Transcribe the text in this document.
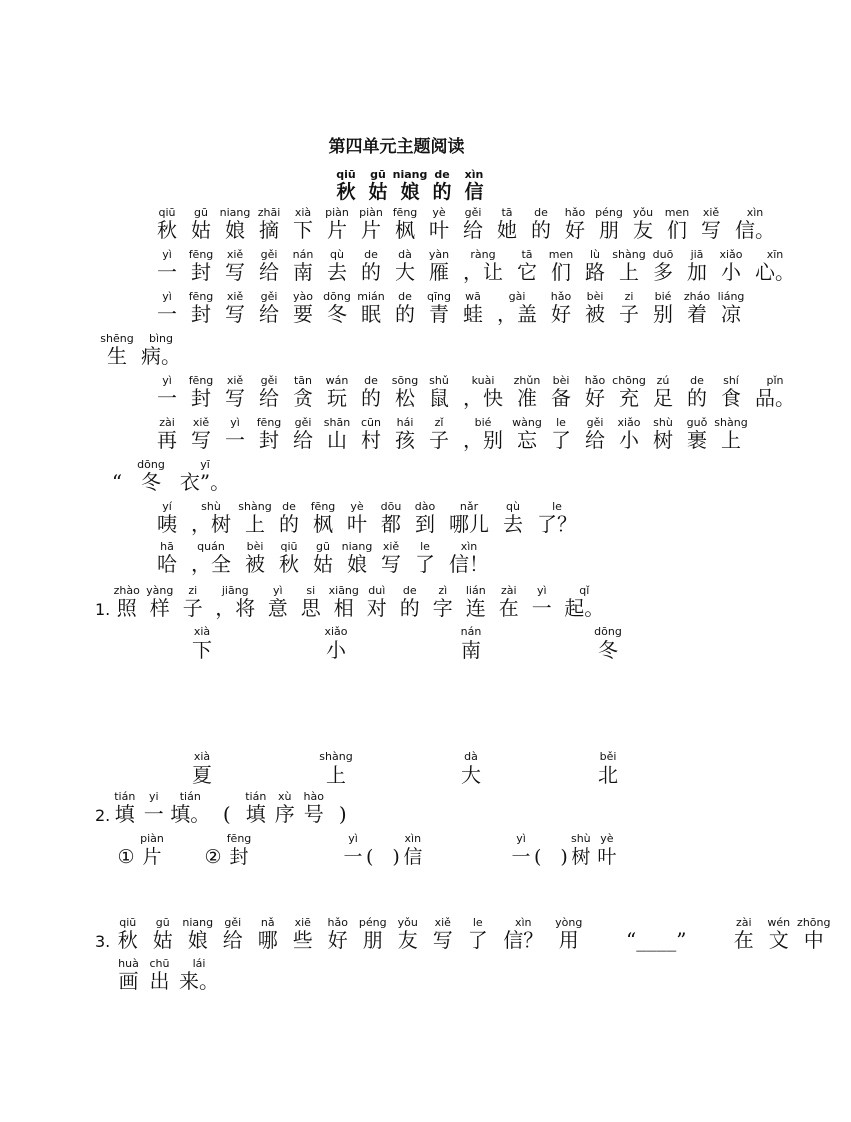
第四单元主题阅读
qiū
秋
gū
姑
niang
娘
de
的
xìn
信
qiū
秋
gū
姑
niang
娘
zhāi
摘
xià
下
piàn
片
piàn
片
fēng
枫
yè
叶
gěi
给
tā
她
de
的
hǎo
好
péng
朋
yǒu
友
men
们
xiě
写
xìn
信。
yì
一
fēng
封
xiě
写
gěi
给
nán
南
qù
去
de
的
dà
大
yàn
雁
ràng
，让
tā
它
men
们
lù
路
shàng
上
duō
多
jiā
加
xiǎo
小
xīn
心。
yì
一
fēng
封
xiě
写
gěi
给
yào
要
dōng
冬
mián
眠
de
的
qīng
青
wā
蛙
gài
，盖
hǎo
好
bèi
被
zi
子
bié
别
zháo
着
liáng
凉
shēng
生
bìng
病。
yì
一
fēng
封
xiě
写
gěi
给
tān
贪
wán
玩
de
的
sōng
松
shǔ
鼠
kuài
，快
zhǔn
准
bèi
备
hǎo
好
chōng
充
zú
足
de
的
shí
食
pǐn
品。
zài
再
xiě
写
yì
一
fēng
封
gěi
给
shān
山
cūn
村
hái
孩
zǐ
子
bié
，别
wàng
忘
le
了
gěi
给
xiǎo
小
shù
树
guǒ
裹
shàng
上
“
dōng
冬
yī
衣”。
yí
咦
shù
，树
shàng
上
de
的
fēng
枫
yè
叶
dōu
都
dào
到
nǎr
哪儿
qù
去
le
了？
hā
哈
quán
，全
bèi
被
qiū
秋
gū
姑
niang
娘
xiě
写
le
了
xìn
信！
1.
zhào
照
yàng
样
zi
子
jiāng
，将
yì
意
si
思
xiāng
相
duì
对
de
的
zì
字
lián
连
zài
在
yì
一
qǐ
起。
xià
下
xiǎo
小
nán
南
dōng
冬
xià
夏
shàng
上
dà
大
běi
北
2.
tián
填
yi
一
tián
填。 (
tián
填
xù
序
hào
号 )
①
piàn
片 ②
fēng
封
yì
一 (　)
xìn
信
yì
一 (　)
shù
树
yè
叶
3.
qiū
秋
gū
姑
niang
娘
gěi
给
nǎ
哪
xiē
些
hǎo
好
péng
朋
yǒu
友
xiě
写
le
了
xìn
信？
yòng
用	“____”
zài
在
wén
文
zhōng
中
huà
画
chū
出
lái
来。
